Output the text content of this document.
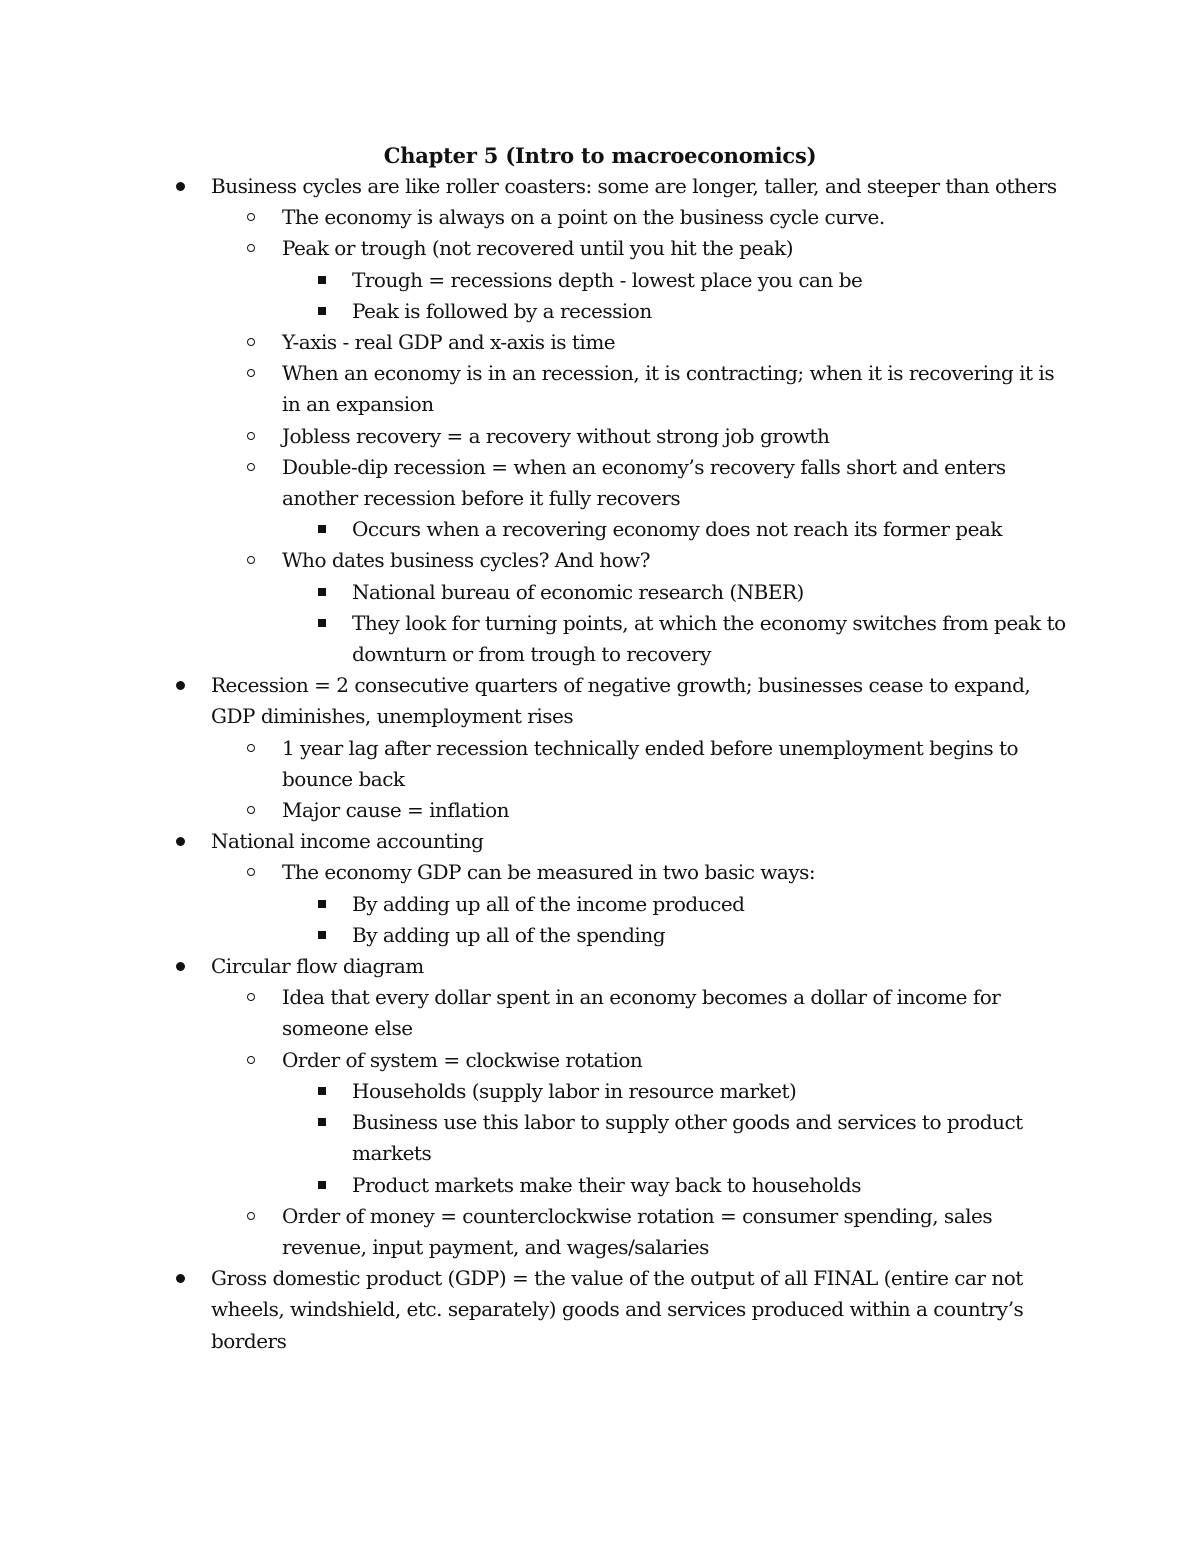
Chapter 5 (Intro to macroeconomics)
Business cycles are like roller coasters: some are longer, taller, and steeper than others
The economy is always on a point on the business cycle curve.
Peak or trough (not recovered until you hit the peak)
Trough = recessions depth - lowest place you can be
Peak is followed by a recession
Y-axis - real GDP and x-axis is time
When an economy is in an recession, it is contracting; when it is recovering it is in an expansion
Jobless recovery = a recovery without strong job growth
Double-dip recession = when an economy’s recovery falls short and enters another recession before it fully recovers
Occurs when a recovering economy does not reach its former peak
Who dates business cycles? And how?
National bureau of economic research (NBER)
They look for turning points, at which the economy switches from peak to downturn or from trough to recovery
Recession = 2 consecutive quarters of negative growth; businesses cease to expand, GDP diminishes, unemployment rises
1 year lag after recession technically ended before unemployment begins to bounce back
Major cause = inflation
National income accounting
The economy GDP can be measured in two basic ways:
By adding up all of the income produced
By adding up all of the spending
Circular flow diagram
Idea that every dollar spent in an economy becomes a dollar of income for someone else
Order of system = clockwise rotation
Households (supply labor in resource market)
Business use this labor to supply other goods and services to product markets
Product markets make their way back to households
Order of money = counterclockwise rotation = consumer spending, sales revenue, input payment, and wages/salaries
Gross domestic product (GDP) = the value of the output of all FINAL (entire car not wheels, windshield, etc. separately) goods and services produced within a country’s borders
